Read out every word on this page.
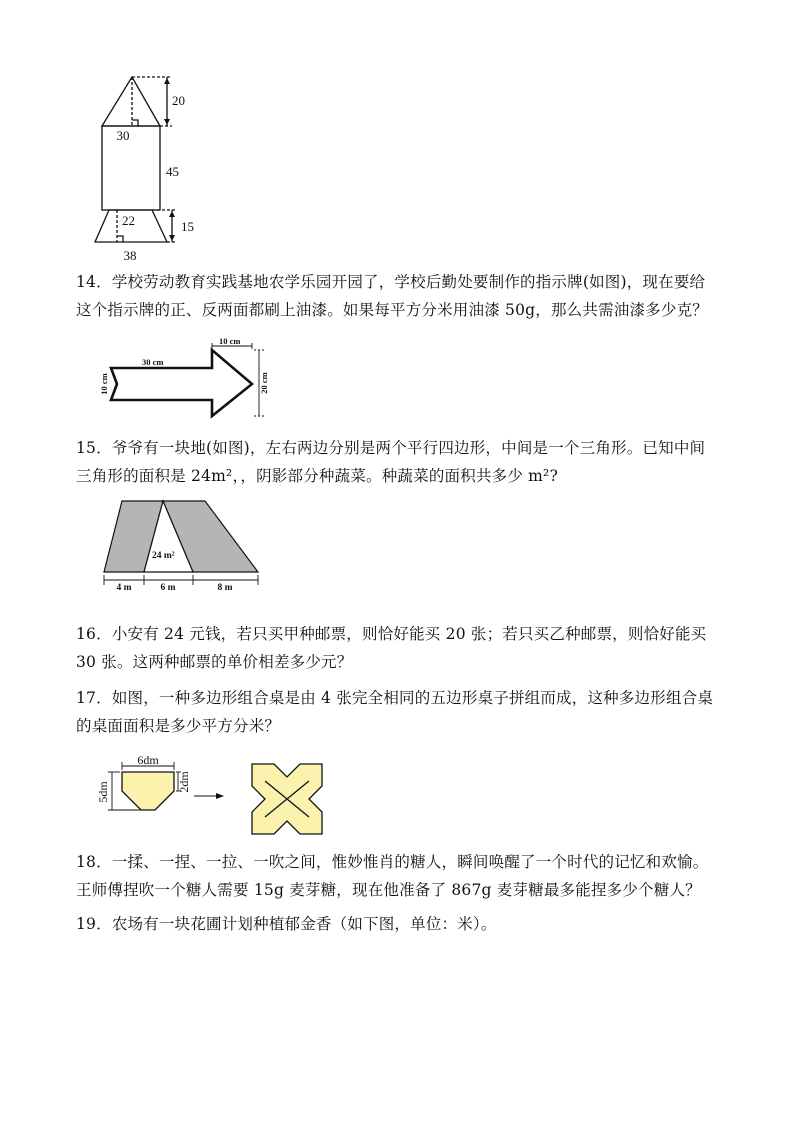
20
30
45
22	15
38

14．学校劳动教育实践基地农学乐园开园了，学校后勤处要制作的指示牌(如图)，现在要给

这个指示牌的正、反两面都刷上油漆。如果每平方分米用油漆 50g，那么共需油漆多少克？

30 cm
10 cm
10 cm
20 cm

15．爷爷有一块地(如图)，左右两边分别是两个平行四边形，中间是一个三角形。已知中间

三角形的面积是 24m²，，阴影部分种蔬菜。种蔬菜的面积共多少 m²?

24 m²
4 m	6 m	8 m

16．小安有 24 元钱，若只买甲种邮票，则恰好能买 20 张；若只买乙种邮票，则恰好能买

30 张。这两种邮票的单价相差多少元？

17．如图，一种多边形组合桌是由 4 张完全相同的五边形桌子拼组而成，这种多边形组合桌

的桌面面积是多少平方分米？

6dm
5dm	2dm

18．一揉、一捏、一拉、一吹之间，惟妙惟肖的糖人，瞬间唤醒了一个时代的记忆和欢愉。

王师傅捏吹一个糖人需要 15g 麦芽糖，现在他准备了 867g 麦芽糖最多能捏多少个糖人？

19．农场有一块花圃计划种植郁金香（如下图，单位：米）。
